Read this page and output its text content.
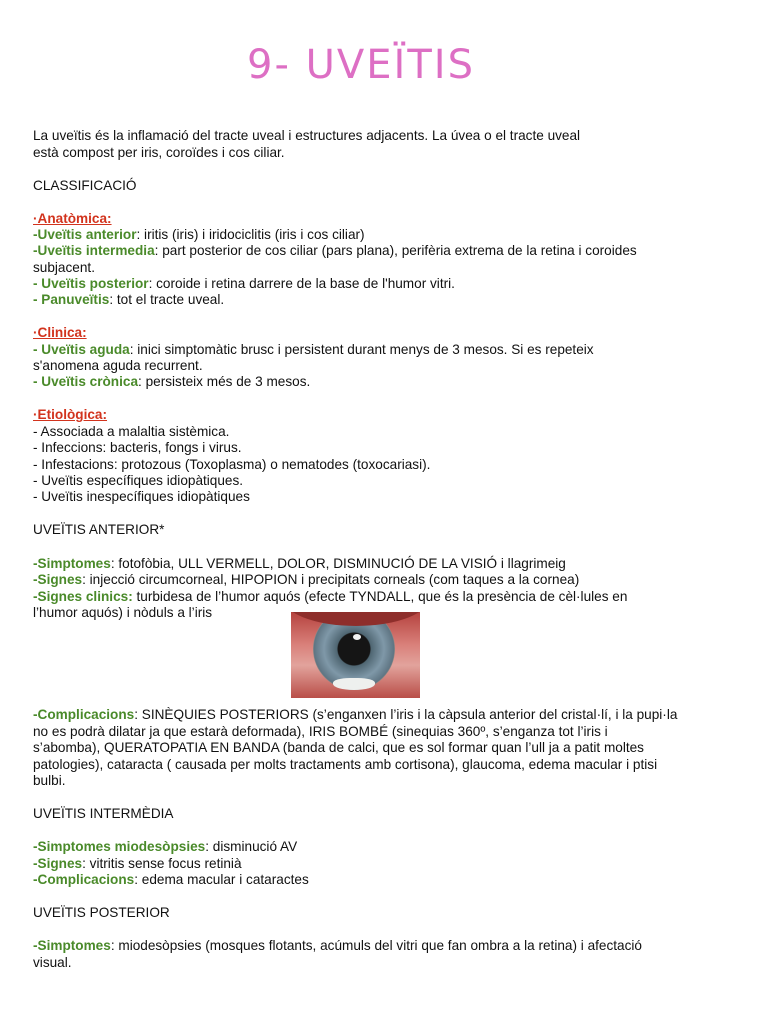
9- UVEÏTIS
La uveïtis és la inflamació del tracte uveal i estructures adjacents. La úvea o el tracte uveal
està compost per iris, coroïdes i cos ciliar.
CLASSIFICACIÓ
·Anatòmica:
-Uveïtis anterior: iritis (iris) i iridociclitis (iris i cos ciliar)
-Uveïtis intermedia: part posterior de cos ciliar (pars plana), perifèria extrema de la retina i coroides
subjacent.
- Uveïtis posterior: coroide i retina darrere de la base de l'humor vitri.
- Panuveïtis: tot el tracte uveal.
·Clinica:
- Uveïtis aguda: inici simptomàtic brusc i persistent durant menys de 3 mesos. Si es repeteix
s'anomena aguda recurrent.
- Uveïtis crònica: persisteix més de 3 mesos.
·Etiològica:
- Associada a malaltia sistèmica.
- Infeccions: bacteris, fongs i virus.
- Infestacions: protozous (Toxoplasma) o nematodes (toxocariasi).
- Uveïtis específiques idiopàtiques.
- Uveïtis inespecífiques idiopàtiques
UVEÏTIS ANTERIOR*
-Simptomes: fotofòbia, ULL VERMELL, DOLOR, DISMINUCIÓ DE LA VISIÓ i llagrimeig
-Signes: injecció circumcorneal, HIPOPION i precipitats corneals (com taques a la cornea)
-Signes clinics: turbidesa de l’humor aquós (efecte TYNDALL, que és la presència de cèl·lules en
l’humor aquós) i nòduls a l’iris
-Complicacions: SINÈQUIES POSTERIORS (s’enganxen l’iris i la càpsula anterior del cristal·lí, i la pupi·la
no es podrà dilatar ja que estarà deformada), IRIS BOMBÉ (sinequias 360º, s’enganza tot l’iris i
s’abomba), QUERATOPATIA EN BANDA (banda de calci, que es sol formar quan l’ull ja a patit moltes
patologies), cataracta ( causada per molts tractaments amb cortisona), glaucoma, edema macular i ptisi
bulbi.
UVEÏTIS INTERMÈDIA
-Simptomes miodesòpsies: disminució AV
-Signes: vitritis sense focus retinià
-Complicacions: edema macular i cataractes
UVEÏTIS POSTERIOR
-Simptomes: miodesòpsies (mosques flotants, acúmuls del vitri que fan ombra a la retina) i afectació
visual.
